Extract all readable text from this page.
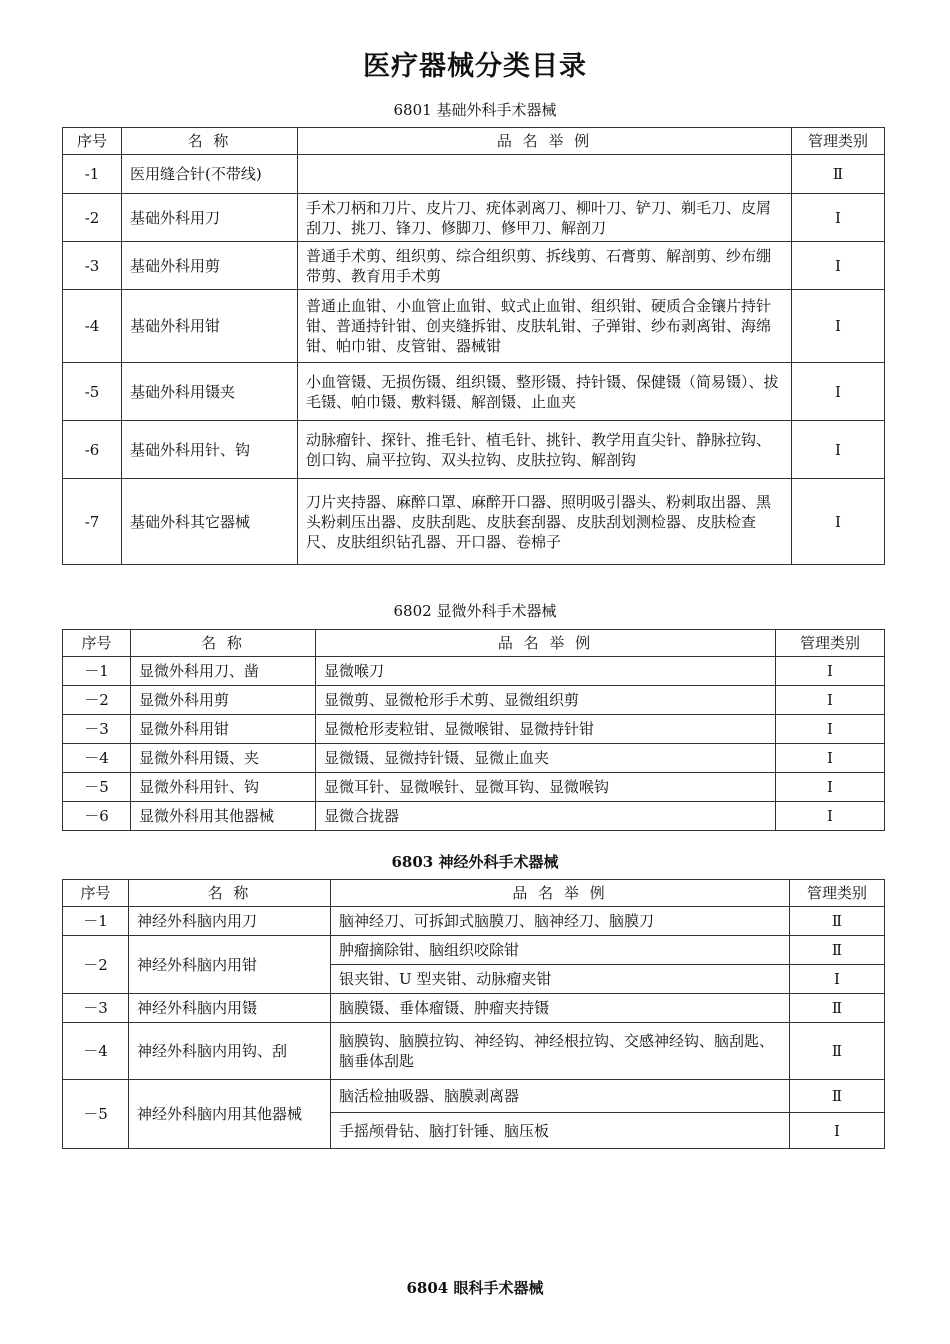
医疗器械分类目录
6801 基础外科手术器械
序号	名 称	品 名 举 例	管理类别
-1	医用缝合针(不带线)		Ⅱ
-2	基础外科用刀	手术刀柄和刀片、皮片刀、疣体剥离刀、柳叶刀、铲刀、剃毛刀、皮屑刮刀、挑刀、锋刀、修脚刀、修甲刀、解剖刀	Ⅰ
-3	基础外科用剪	普通手术剪、组织剪、综合组织剪、拆线剪、石膏剪、解剖剪、纱布绷带剪、教育用手术剪	Ⅰ
-4	基础外科用钳	普通止血钳、小血管止血钳、蚊式止血钳、组织钳、硬质合金镶片持针钳、普通持针钳、创夹缝拆钳、皮肤轧钳、子弹钳、纱布剥离钳、海绵钳、帕巾钳、皮管钳、器械钳	Ⅰ
-5	基础外科用镊夹	小血管镊、无损伤镊、组织镊、整形镊、持针镊、保健镊（简易镊）、拔毛镊、帕巾镊、敷料镊、解剖镊、止血夹	Ⅰ
-6	基础外科用针、钩	动脉瘤针、探针、推毛针、植毛针、挑针、教学用直尖针、静脉拉钩、创口钩、扁平拉钩、双头拉钩、皮肤拉钩、解剖钩	Ⅰ
-7	基础外科其它器械	刀片夹持器、麻醉口罩、麻醉开口器、照明吸引器头、粉刺取出器、黑头粉刺压出器、皮肤刮匙、皮肤套刮器、皮肤刮划测检器、皮肤检查尺、皮肤组织钻孔器、开口器、卷棉子	Ⅰ
6802 显微外科手术器械
序号	名 称	品 名 举 例	管理类别
－1	显微外科用刀、凿	显微喉刀	Ⅰ
－2	显微外科用剪	显微剪、显微枪形手术剪、显微组织剪	Ⅰ
－3	显微外科用钳	显微枪形麦粒钳、显微喉钳、显微持针钳	Ⅰ
－4	显微外科用镊、夹	显微镊、显微持针镊、显微止血夹	Ⅰ
－5	显微外科用针、钩	显微耳针、显微喉针、显微耳钩、显微喉钩	Ⅰ
－6	显微外科用其他器械	显微合拢器	Ⅰ
6803 神经外科手术器械
序号	名 称	品 名 举 例	管理类别
－1	神经外科脑内用刀	脑神经刀、可拆卸式脑膜刀、脑神经刀、脑膜刀	Ⅱ
－2	神经外科脑内用钳	肿瘤摘除钳、脑组织咬除钳	Ⅱ
		银夹钳、U 型夹钳、动脉瘤夹钳	Ⅰ
－3	神经外科脑内用镊	脑膜镊、垂体瘤镊、肿瘤夹持镊	Ⅱ
－4	神经外科脑内用钩、刮	脑膜钩、脑膜拉钩、神经钩、神经根拉钩、交感神经钩、脑刮匙、脑垂体刮匙	Ⅱ
－5	神经外科脑内用其他器械	脑活检抽吸器、脑膜剥离器	Ⅱ
		手摇颅骨钻、脑打针锤、脑压板	Ⅰ
6804 眼科手术器械
